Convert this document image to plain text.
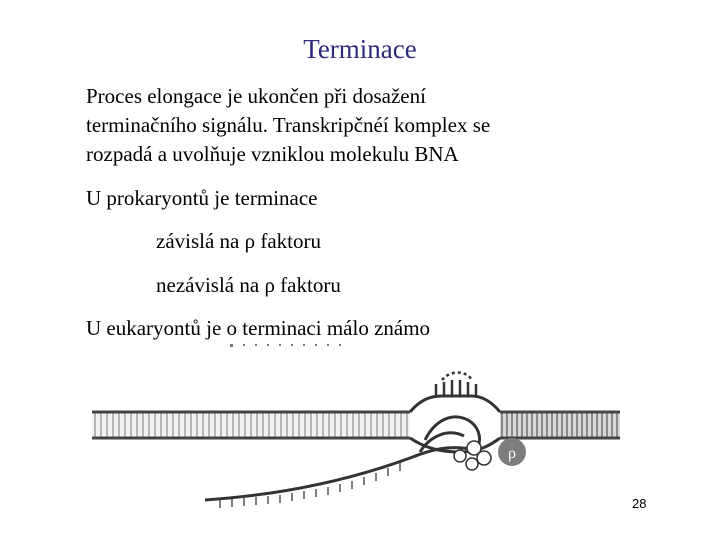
Terminace
Proces elongace je ukončen při dosažení
terminačního signálu. Transkripčnéí komplex se
rozpadá a uvolňuje vzniklou molekulu BNA
U prokaryontů je terminace
závislá na ρ faktoru
nezávislá na ρ faktoru
U eukaryontů je o terminaci málo známo
ρ
28
